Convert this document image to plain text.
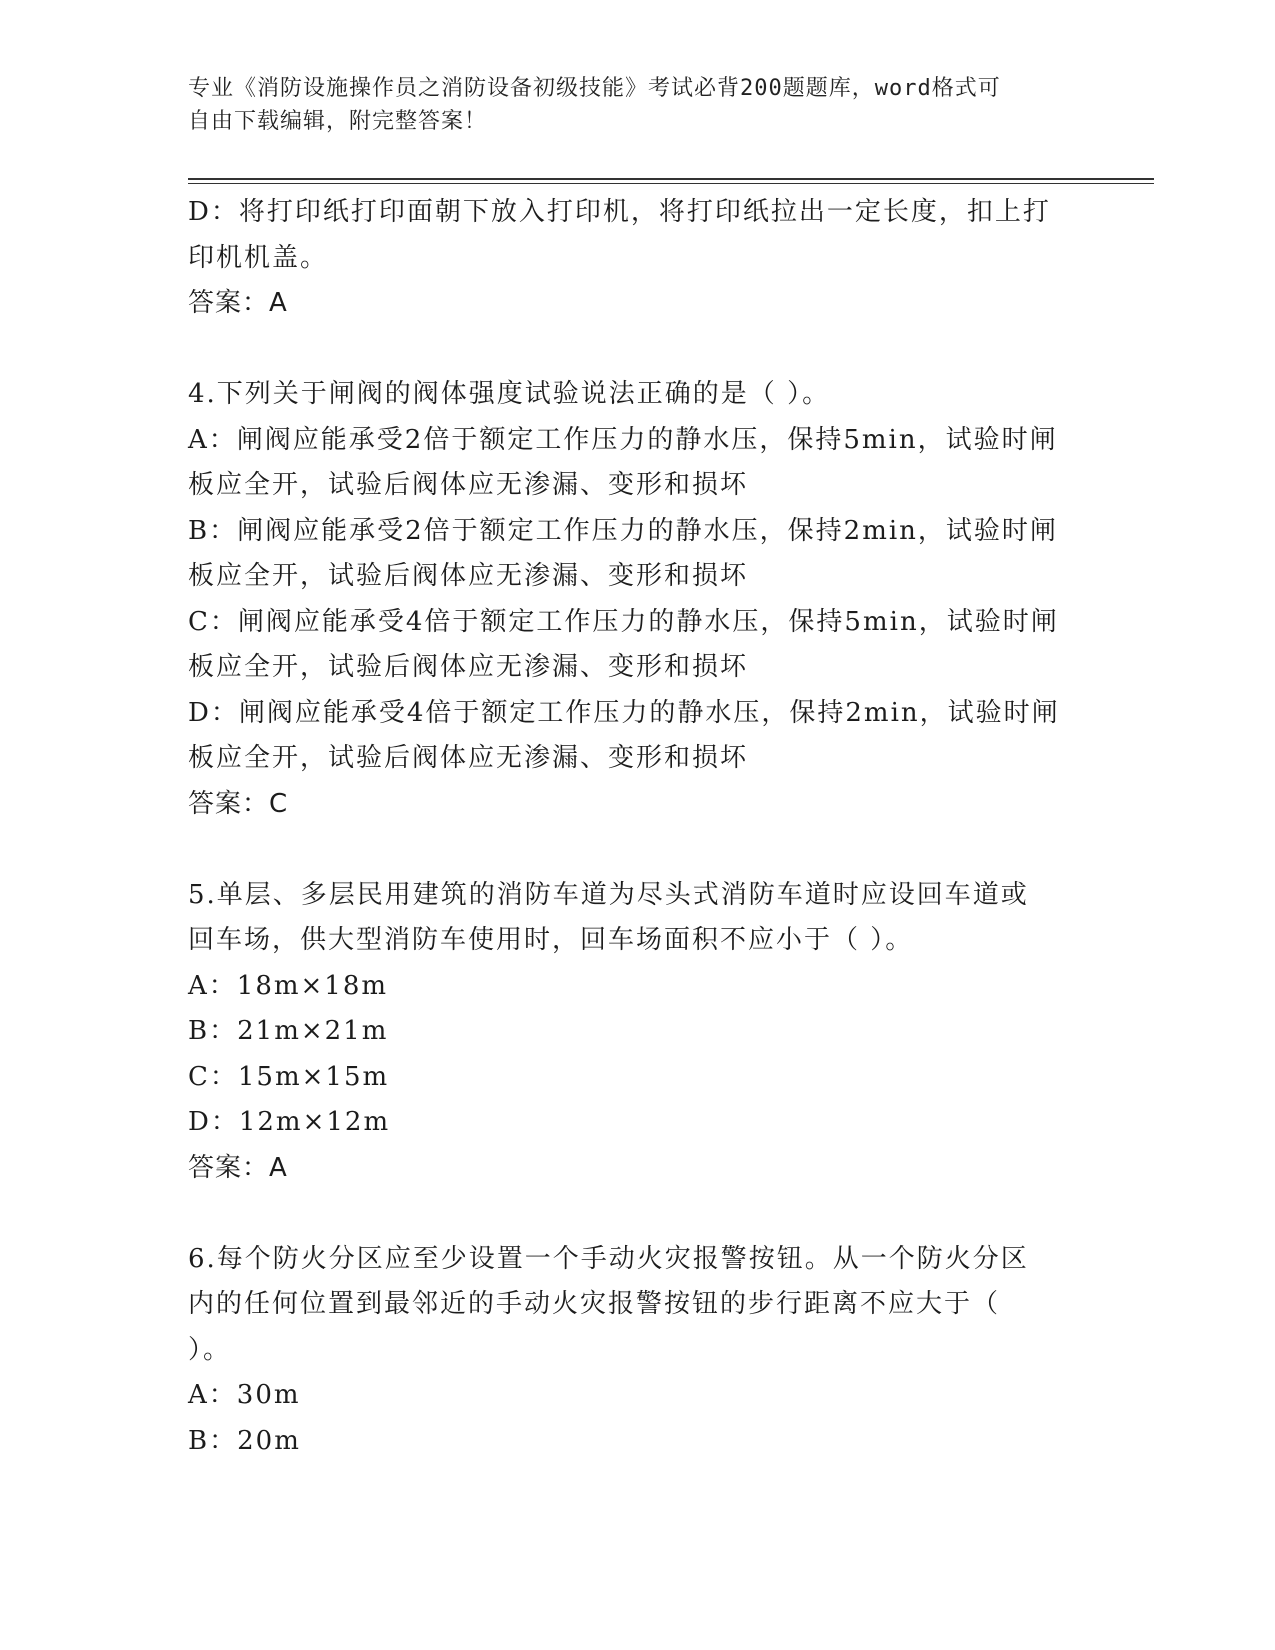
专业《消防设施操作员之消防设备初级技能》考试必背200题题库，word格式可
自由下载编辑，附完整答案！
D：将打印纸打印面朝下放入打印机，将打印纸拉出一定长度，扣上打
印机机盖。
答案：A
4.下列关于闸阀的阀体强度试验说法正确的是（ ）。
A：闸阀应能承受2倍于额定工作压力的静水压，保持5min，试验时闸
板应全开，试验后阀体应无渗漏、变形和损坏
B：闸阀应能承受2倍于额定工作压力的静水压，保持2min，试验时闸
板应全开，试验后阀体应无渗漏、变形和损坏
C：闸阀应能承受4倍于额定工作压力的静水压，保持5min，试验时闸
板应全开，试验后阀体应无渗漏、变形和损坏
D：闸阀应能承受4倍于额定工作压力的静水压，保持2min，试验时闸
板应全开，试验后阀体应无渗漏、变形和损坏
答案：C
5.单层、多层民用建筑的消防车道为尽头式消防车道时应设回车道或
回车场，供大型消防车使用时，回车场面积不应小于（ ）。
A：18m×18m
B：21m×21m
C：15m×15m
D：12m×12m
答案：A
6.每个防火分区应至少设置一个手动火灾报警按钮。从一个防火分区
内的任何位置到最邻近的手动火灾报警按钮的步行距离不应大于（
）。
A：30m
B：20m
